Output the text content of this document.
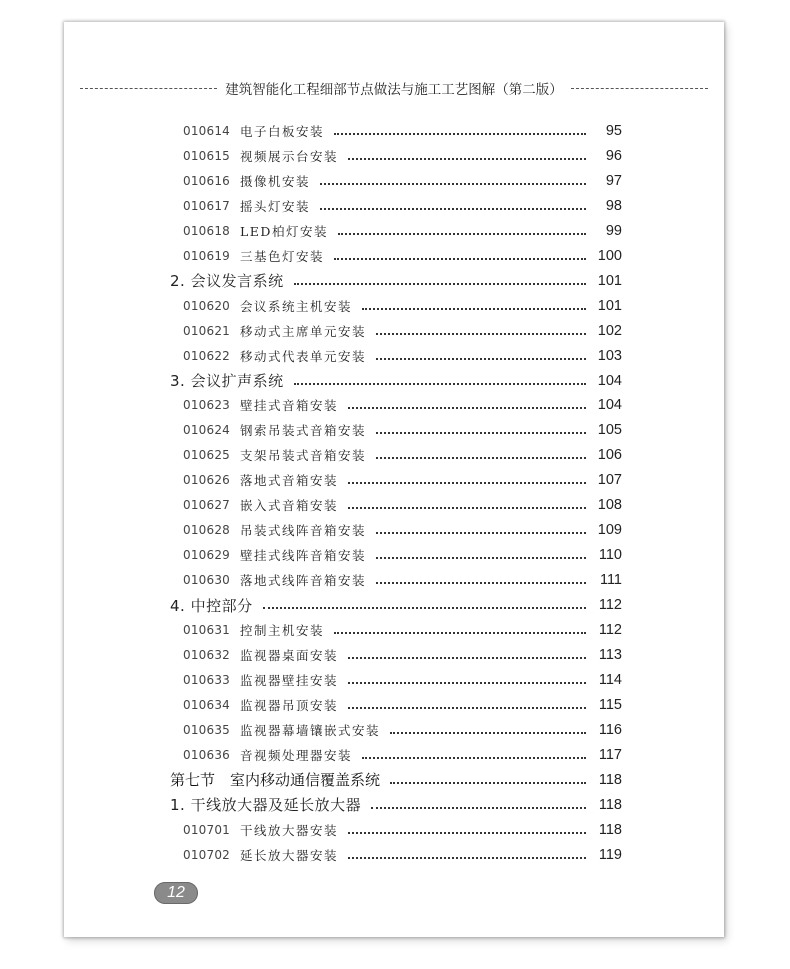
建筑智能化工程细部节点做法与施工工艺图解（第二版）
010614 电子白板安装	95
010615 视频展示台安装	96
010616 摄像机安装	97
010617 摇头灯安装	98
010618 LED柏灯安装	99
010619 三基色灯安装	100
2. 会议发言系统	101
010620 会议系统主机安装	101
010621 移动式主席单元安装	102
010622 移动式代表单元安装	103
3. 会议扩声系统	104
010623 壁挂式音箱安装	104
010624 钢索吊装式音箱安装	105
010625 支架吊装式音箱安装	106
010626 落地式音箱安装	107
010627 嵌入式音箱安装	108
010628 吊装式线阵音箱安装	109
010629 壁挂式线阵音箱安装	110
010630 落地式线阵音箱安装	111
4. 中控部分	112
010631 控制主机安装	112
010632 监视器桌面安装	113
010633 监视器壁挂安装	114
010634 监视器吊顶安装	115
010635 监视器幕墙镶嵌式安装	116
010636 音视频处理器安装	117
第七节　室内移动通信覆盖系统	118
1. 干线放大器及延长放大器	118
010701 干线放大器安装	118
010702 延长放大器安装	119
12
